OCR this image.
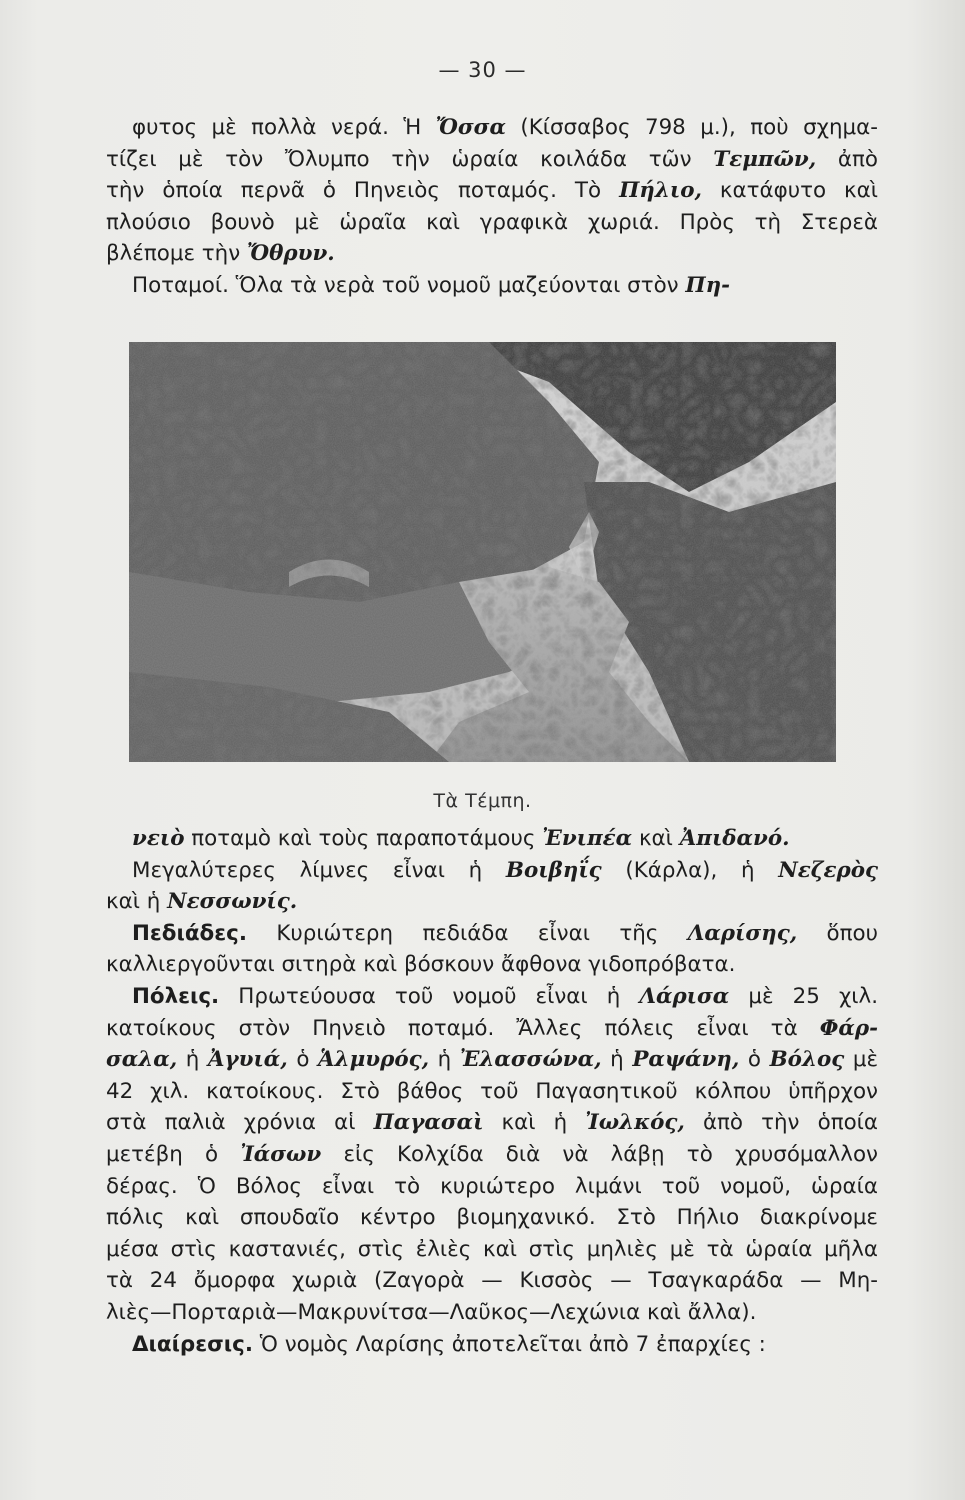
— 30 —
φυτος μὲ πολλὰ νερά. Ἡ Ὄσσα (Κίσσαβος 798 μ.), ποὺ σχημα-
τίζει μὲ τὸν Ὄλυμπο τὴν ὡραία κοιλάδα τῶν Τεμπῶν, ἀπὸ
τὴν ὁποία περνᾶ ὁ Πηνειὸς ποταμός. Τὸ Πήλιο, κατάφυτο καὶ
πλούσιο βουνὸ μὲ ὡραῖα καὶ γραφικὰ χωριά. Πρὸς τὴ Στερεὰ
βλέπομε τὴν Ὄθρυν.
Ποταμοί. Ὅλα τὰ νερὰ τοῦ νομοῦ μαζεύονται στὸν Πη-
Τὰ Τέμπη.
νειὸ ποταμὸ καὶ τοὺς παραποτάμους Ἐνιπέα καὶ Ἀπιδανό.
Μεγαλύτερες λίμνες εἶναι ἡ Βοιβηΐς (Κάρλα), ἡ Νεζερὸς
καὶ ἡ Νεσσωνίς.
Πεδιάδες. Κυριώτερη πεδιάδα εἶναι τῆς Λαρίσης, ὅπου
καλλιεργοῦνται σιτηρὰ καὶ βόσκουν ἄφθονα γιδοπρόβατα.
Πόλεις. Πρωτεύουσα τοῦ νομοῦ εἶναι ἡ Λάρισα μὲ 25 χιλ.
κατοίκους στὸν Πηνειὸ ποταμό. Ἄλλες πόλεις εἶναι τὰ Φάρ-
σαλα, ἡ Ἀγυιά, ὁ Ἁλμυρός, ἡ Ἐλασσώνα, ἡ Ραψάνη, ὁ Βόλος μὲ
42 χιλ. κατοίκους. Στὸ βάθος τοῦ Παγασητικοῦ κόλπου ὑπῆρχον
στὰ παλιὰ χρόνια αἱ Παγασαὶ καὶ ἡ Ἰωλκός, ἀπὸ τὴν ὁποία
μετέβη ὁ Ἰάσων εἰς Κολχίδα διὰ νὰ λάβῃ τὸ χρυσόμαλλον
δέρας. Ὁ Βόλος εἶναι τὸ κυριώτερο λιμάνι τοῦ νομοῦ, ὡραία
πόλις καὶ σπουδαῖο κέντρο βιομηχανικό. Στὸ Πήλιο διακρίνομε
μέσα στὶς καστανιές, στὶς ἐλιὲς καὶ στὶς μηλιὲς μὲ τὰ ὡραία μῆλα
τὰ 24 ὄμορφα χωριὰ (Ζαγορὰ — Κισσὸς — Τσαγκαράδα — Μη-
λιὲς—Πορταριὰ—Μακρυνίτσα—Λαῦκος—Λεχώνια καὶ ἄλλα).
Διαίρεσις. Ὁ νομὸς Λαρίσης ἀποτελεῖται ἀπὸ 7 ἐπαρχίες :
